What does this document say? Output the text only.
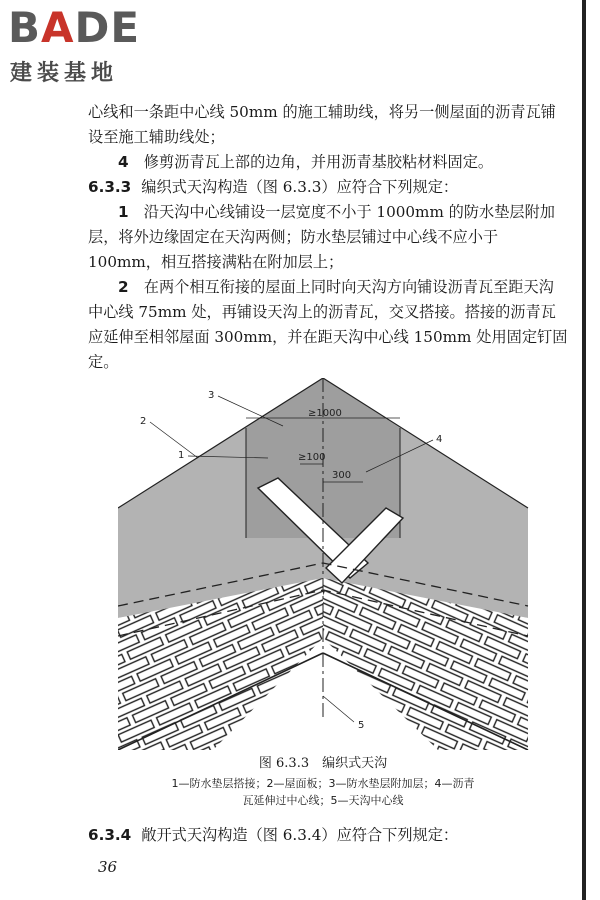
BADE
建装基地

心线和一条距中心线 50mm 的施工辅助线，将另一侧屋面的沥青瓦铺设至施工辅助线处；

4　 修剪沥青瓦上部的边角，并用沥青基胶粘材料固定。

6.3.3 编织式天沟构造（图 6.3.3）应符合下列规定：

1　 沿天沟中心线铺设一层宽度不小于 1000mm 的防水垫层附加层，将外边缘固定在天沟两侧；防水垫层铺过中心线不应小于 100mm，相互搭接满粘在附加层上；

2　 在两个相互衔接的屋面上同时向天沟方向铺设沥青瓦至距天沟中心线 75mm 处，再铺设天沟上的沥青瓦，交叉搭接。搭接的沥青瓦应延伸至相邻屋面 300mm，并在距天沟中心线 150mm 处用固定钉固定。

≥1000
≥100
300
3
2
1
4
5
图 6.3.3　编织式天沟
1—防水垫层搭接；2—屋面板；3—防水垫层附加层；4—沥青
瓦延伸过中心线；5—天沟中心线
6.3.4 敞开式天沟构造（图 6.3.4）应符合下列规定：
36
